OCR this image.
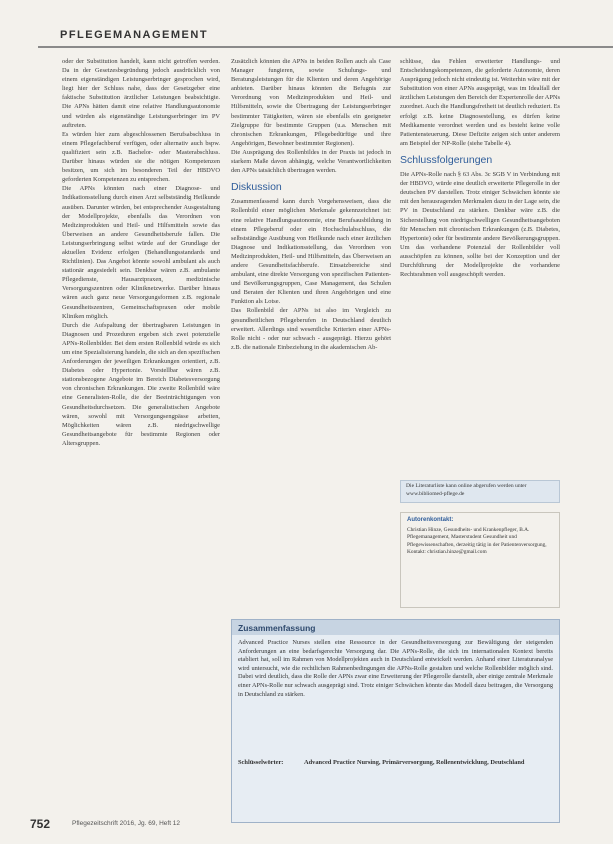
PFLEGEMANAGEMENT

oder der Substitution handelt, kann nicht getroffen werden. Da in der Gesetzesbegründung jedoch ausdrücklich von einem eigenständigen Leistungserbringer gesprochen wird, liegt hier der Schluss nahe, dass der Gesetzgeber eine faktische Substitution ärztlicher Leistungen beabsichtigte. Die APNs hätten damit eine relative Handlungsautonomie und würden als eigenständige Leistungserbringer im PV auftreten.

Es würden hier zum abgeschlossenen Berufsabschluss in einem Pflegefachberuf verfügen, oder alternativ auch bspw. qualifiziert sein z.B. Bachelor- oder Masterabschluss. Darüber hinaus würden sie die nötigen Kompetenzen besitzen, um sich im besonderen Teil der HBDVO geforderten Kompetenzen zu entsprechen.

Die APNs könnten nach einer Diagnose- und Indikationsstellung durch einen Arzt selbstständig Heilkunde ausüben. Darunter würden, bei entsprechender Ausgestaltung der Modellprojekte, ebenfalls das Verordnen von Medizinprodukten und Heil- und Hilfsmitteln sowie das Überweisen an andere Gesundheitsberufe fallen. Die Leistungserbringung selbst würde auf der Grundlage der aktuellen Evidenz erfolgen (Behandlungsstandards und Richtlinien). Das Angebot könnte sowohl ambulant als auch stationär angesiedelt sein. Denkbar wären z.B. ambulante Pflegedienste, Hausarztpraxen, medizinische Versorgungszentren oder Kliniknetzwerke. Darüber hinaus wären auch ganz neue Versorgungsformen z.B. regionale Gesundheitszentren, Gemeinschaftspraxen oder mobile Kliniken möglich.

Durch die Aufspaltung der übertragbaren Leistungen in Diagnosen und Prozeduren ergeben sich zwei potenzielle APNs-Rollenbilder. Bei dem ersten Rollenbild würde es sich um eine Spezialisierung handeln, die sich an den spezifischen Anforderungen der jeweiligen Erkrankungen orientiert, z.B. Diabetes oder Hypertonie. Vorstellbar wären z.B. stationsbezogene Angebote im Bereich Diabetesversorgung von chronischen Erkrankungen. Die zweite Rollenbild wäre eine Generalisten-Rolle, die der Beeinträchtigungen von Gesundheitsdurchsetzen. Die generalistischen Angebote wären, sowohl mit Versorgungsengpässe arbeiten, Möglichkeiten wären z.B. niedrigschwellige Gesundheitsangebote für bestimmte Regionen oder Altersgruppen.

Zusätzlich könnten die APNs in beiden Rollen auch als Case Manager fungieren, sowie Schulungs- und Beratungsleistungen für die Klienten und deren Angehörige anbieten. Darüber hinaus könnten die Befugnis zur Verordnung von Medizinprodukten und Heil- und Hilfsmitteln, sowie die Übertragung der Leistungserbringer bestimmter Tätigkeiten, wären sie ebenfalls ein geeigneter Zielgruppe für bestimmte Gruppen (u.a. Menschen mit chronischen Erkrankungen, Pflegebedürftige und ihre Angehörigen, Bewohner bestimmter Regionen).

Die Ausprägung des Rollenbildes in der Praxis ist jedoch in starkem Maße davon abhängig, welche Verantwortlichkeiten den APNs tatsächlich übertragen werden.

Diskussion

Zusammenfassend kann durch Vorgehensweisen, dass die Rollenbild einer möglichen Merkmale gekennzeichnet ist: eine relative Handlungsautonomie, eine Berufsausbildung in einem Pflegeberuf oder ein Hochschulabschluss, die selbstständige Ausübung von Heilkunde nach einer ärztlichen Diagnose und Indikationsstellung, das Verordnen von Medizinprodukten, Heil- und Hilfsmitteln, das Überweisen an andere Gesundheitsfachberufe. Einsatzbereiche sind ambulant, eine direkte Versorgung von spezifischen Patienten- und Bevölkerungsgruppen, Case Management, das Schulen und Beraten der Klienten und ihren Angehörigen und eine Funktion als Lotse.

Das Rollenbild der APNs ist also im Vergleich zu gesundheitlichen Pflegeberufen in Deutschland deutlich erweitert. Allerdings sind wesentliche Kriterien einer APNs-Rolle nicht - oder nur schwach - ausgeprägt. Hierzu gehört z.B. die nationale Einbeziehung in die akademischen Ab-

schlüsse, das Fehlen erweiterter Handlungs- und Entscheidungskompetenzen, die geforderte Autonomie, deren Ausprägung jedoch nicht eindeutig ist. Weiterhin wäre mit der Substitution von einer APNs ausgeprägt, was im Idealfall der ärztlichen Leistungen den Bereich der Expertenrolle der APNs zuordnet. Auch die Handlungsfreiheit ist deutlich reduziert. Es erfolgt z.B. keine Diagnosestellung, es dürfen keine Medikamente verordnet werden und es besteht keine volle Patientensteuerung. Diese Defizite zeigen sich unter anderem am Beispiel der NP-Rolle (siehe Tabelle 4).

Schlussfolgerungen

Die APNs-Rolle nach § 63 Abs. 3c SGB V in Verbindung mit der HBDVO, würde eine deutlich erweiterte Pflegerolle in der deutschen PV darstellen. Trotz einiger Schwächen könnte sie mit den herausragenden Merkmalen dazu in der Lage sein, die PV in Deutschland zu stärken. Denkbar wäre z.B. die Sicherstellung von niedrigschwelligen Gesundheitsangeboten für Menschen mit chronischen Erkrankungen (z.B. Diabetes, Hypertonie) oder für bestimmte andere Bevölkerungsgruppen. Um das vorhandene Potenzial der Rollenbilder voll ausschöpfen zu können, sollte bei der Konzeption und der Durchführung der Modellprojekte die vorhandene Rechtsrahmen voll ausgeschöpft werden.

Die Literaturliste kann online abgerufen werden unter www.bibliomed-pflege.de
Autorenkontakt:
Christian Hinze, Gesundheits- und Krankenpfleger, B.A. Pflegemanagement, Masterstudent Gesundheit und Pflegewissenschaften, derzeitig tätig in der Patientenversorgung, Kontakt: christian.hinze@gmail.com
Zusammenfassung
Advanced Practice Nurses stellen eine Ressource in der Gesundheitsversorgung zur Bewältigung der steigenden Anforderungen an eine bedarfsgerechte Versorgung dar. Die APNs-Rolle, die sich im internationalen Kontext bereits etabliert hat, soll im Rahmen von Modellprojekten auch in Deutschland entwickelt werden. Anhand einer Literaturanalyse wird untersucht, wie die rechtlichen Rahmenbedingungen die APNs-Rolle gestalten und welche Rollenbilder möglich sind. Dabei wird deutlich, dass die Rolle der APNs zwar eine Erweiterung der Pflegerolle darstellt, aber einige zentrale Merkmale einer APNs-Rolle nur schwach ausgeprägt sind. Trotz einiger Schwächen könnte das Modell dazu beitragen, die Versorgung in Deutschland zu stärken.
Schlüsselwörter:	Advanced Practice Nursing, Primärversorgung, Rollenentwicklung, Deutschland
752	Pflegezeitschrift 2016, Jg. 69, Heft 12
